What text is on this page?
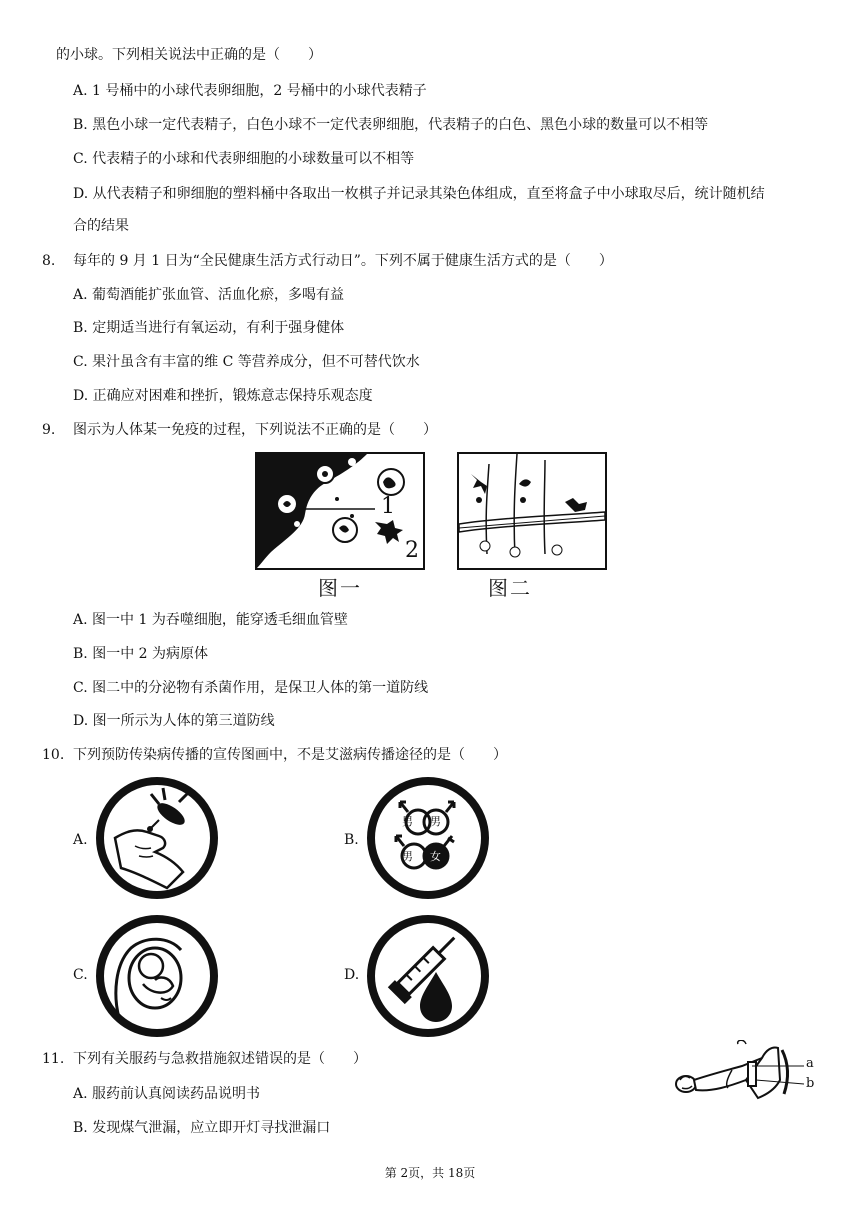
的小球。下列相关说法中正确的是（　　）
A. 1 号桶中的小球代表卵细胞，2 号桶中的小球代表精子
B. 黑色小球一定代表精子，白色小球不一定代表卵细胞，代表精子的白色、黑色小球的数量可以不相等
C. 代表精子的小球和代表卵细胞的小球数量可以不相等
D. 从代表精子和卵细胞的塑料桶中各取出一枚棋子并记录其染色体组成，直至将盒子中小球取尽后，统计随机结
合的结果
8. 每年的 9 月 1 日为“全民健康生活方式行动日”。下列不属于健康生活方式的是（　　）
A. 葡萄酒能扩张血管、活血化瘀，多喝有益
B. 定期适当进行有氧运动，有利于强身健体
C. 果汁虽含有丰富的维 C 等营养成分，但不可替代饮水
D. 正确应对困难和挫折，锻炼意志保持乐观态度
9. 图示为人体某一免疫的过程，下列说法不正确的是（　　）
1
2
图一	图二
A. 图一中 1 为吞噬细胞，能穿透毛细血管壁
B. 图一中 2 为病原体
C. 图二中的分泌物有杀菌作用，是保卫人体的第一道防线
D. 图一所示为人体的第三道防线
10. 下列预防传染病传播的宣传图画中，不是艾滋病传播途径的是（　　）
A.	B.
男 男
男 女
C.	D.
11. 下列有关服药与急救措施叙述错误的是（　　）
A. 服药前认真阅读药品说明书
B. 发现煤气泄漏，应立即开灯寻找泄漏口
a
b
第 2页，共 18页
